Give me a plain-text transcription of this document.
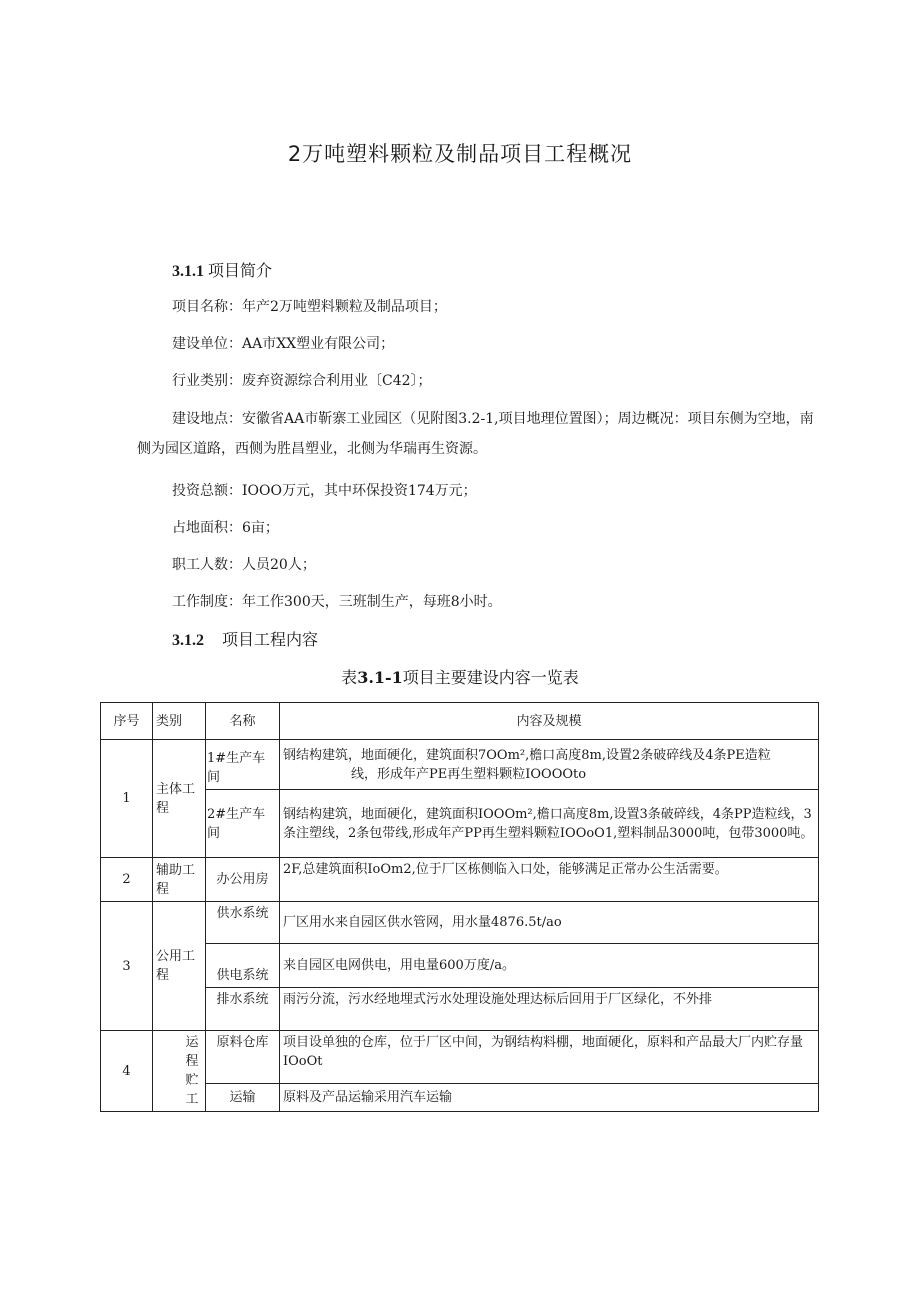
2万吨塑料颗粒及制品项目工程概况
3.1.1 项目简介
项目名称：年产2万吨塑料颗粒及制品项目；
建设单位：AA市XX塑业有限公司；
行业类别：废弃资源综合利用业〔C42〕；
建设地点：安徽省AA市靳寨工业园区（见附图3.2-1,项目地理位置图）；周边概况：项目东侧为空地，南侧为园区道路，西侧为胜昌塑业，北侧为华瑞再生资源。
投资总额：IOOO万元，其中环保投资174万元；
占地面积：6亩；
职工人数：人员20人；
工作制度：年工作300天，三班制生产，每班8小时。
3.1.2 项目工程内容
表3.1-1项目主要建设内容一览表
序号	类别	名称	内容及规模
1	主体工程	1#生产车间	钢结构建筑，地面硬化，建筑面积7OOm²,檐口高度8m,设置2条破碎线及4条PE造粒
线，形成年产PE再生塑料颗粒IOOOOto

		2#生产车间	钢结构建筑，地面硬化，建筑面积IOOOm²,檐口高度8m,设置3条破碎线，4条PP造粒线，3条注塑线，2条包带线,形成年产PP再生塑料颗粒IOOoO1,塑料制品3000吨，包带3000吨。
2	辅助工程	办公用房	2F,总建筑面积IoOm2,位于厂区栋侧临入口处，能够满足正常办公生活需要。
3	公用工程	供水系统	厂区用水来自园区供水管网，用水量4876.5t/ao
		供电系统	来自园区电网供电，用电量600万度/a。
		排水系统	雨污分流，污水经地埋式污水处理设施处理达标后回用于厂区绿化，不外排
4	运程贮工	原料仓库	项目设单独的仓库，位于厂区中间，为钢结构料棚，地面硬化，原料和产品最大厂内贮存量IOoOt
		运输	原料及产品运输采用汽车运输
